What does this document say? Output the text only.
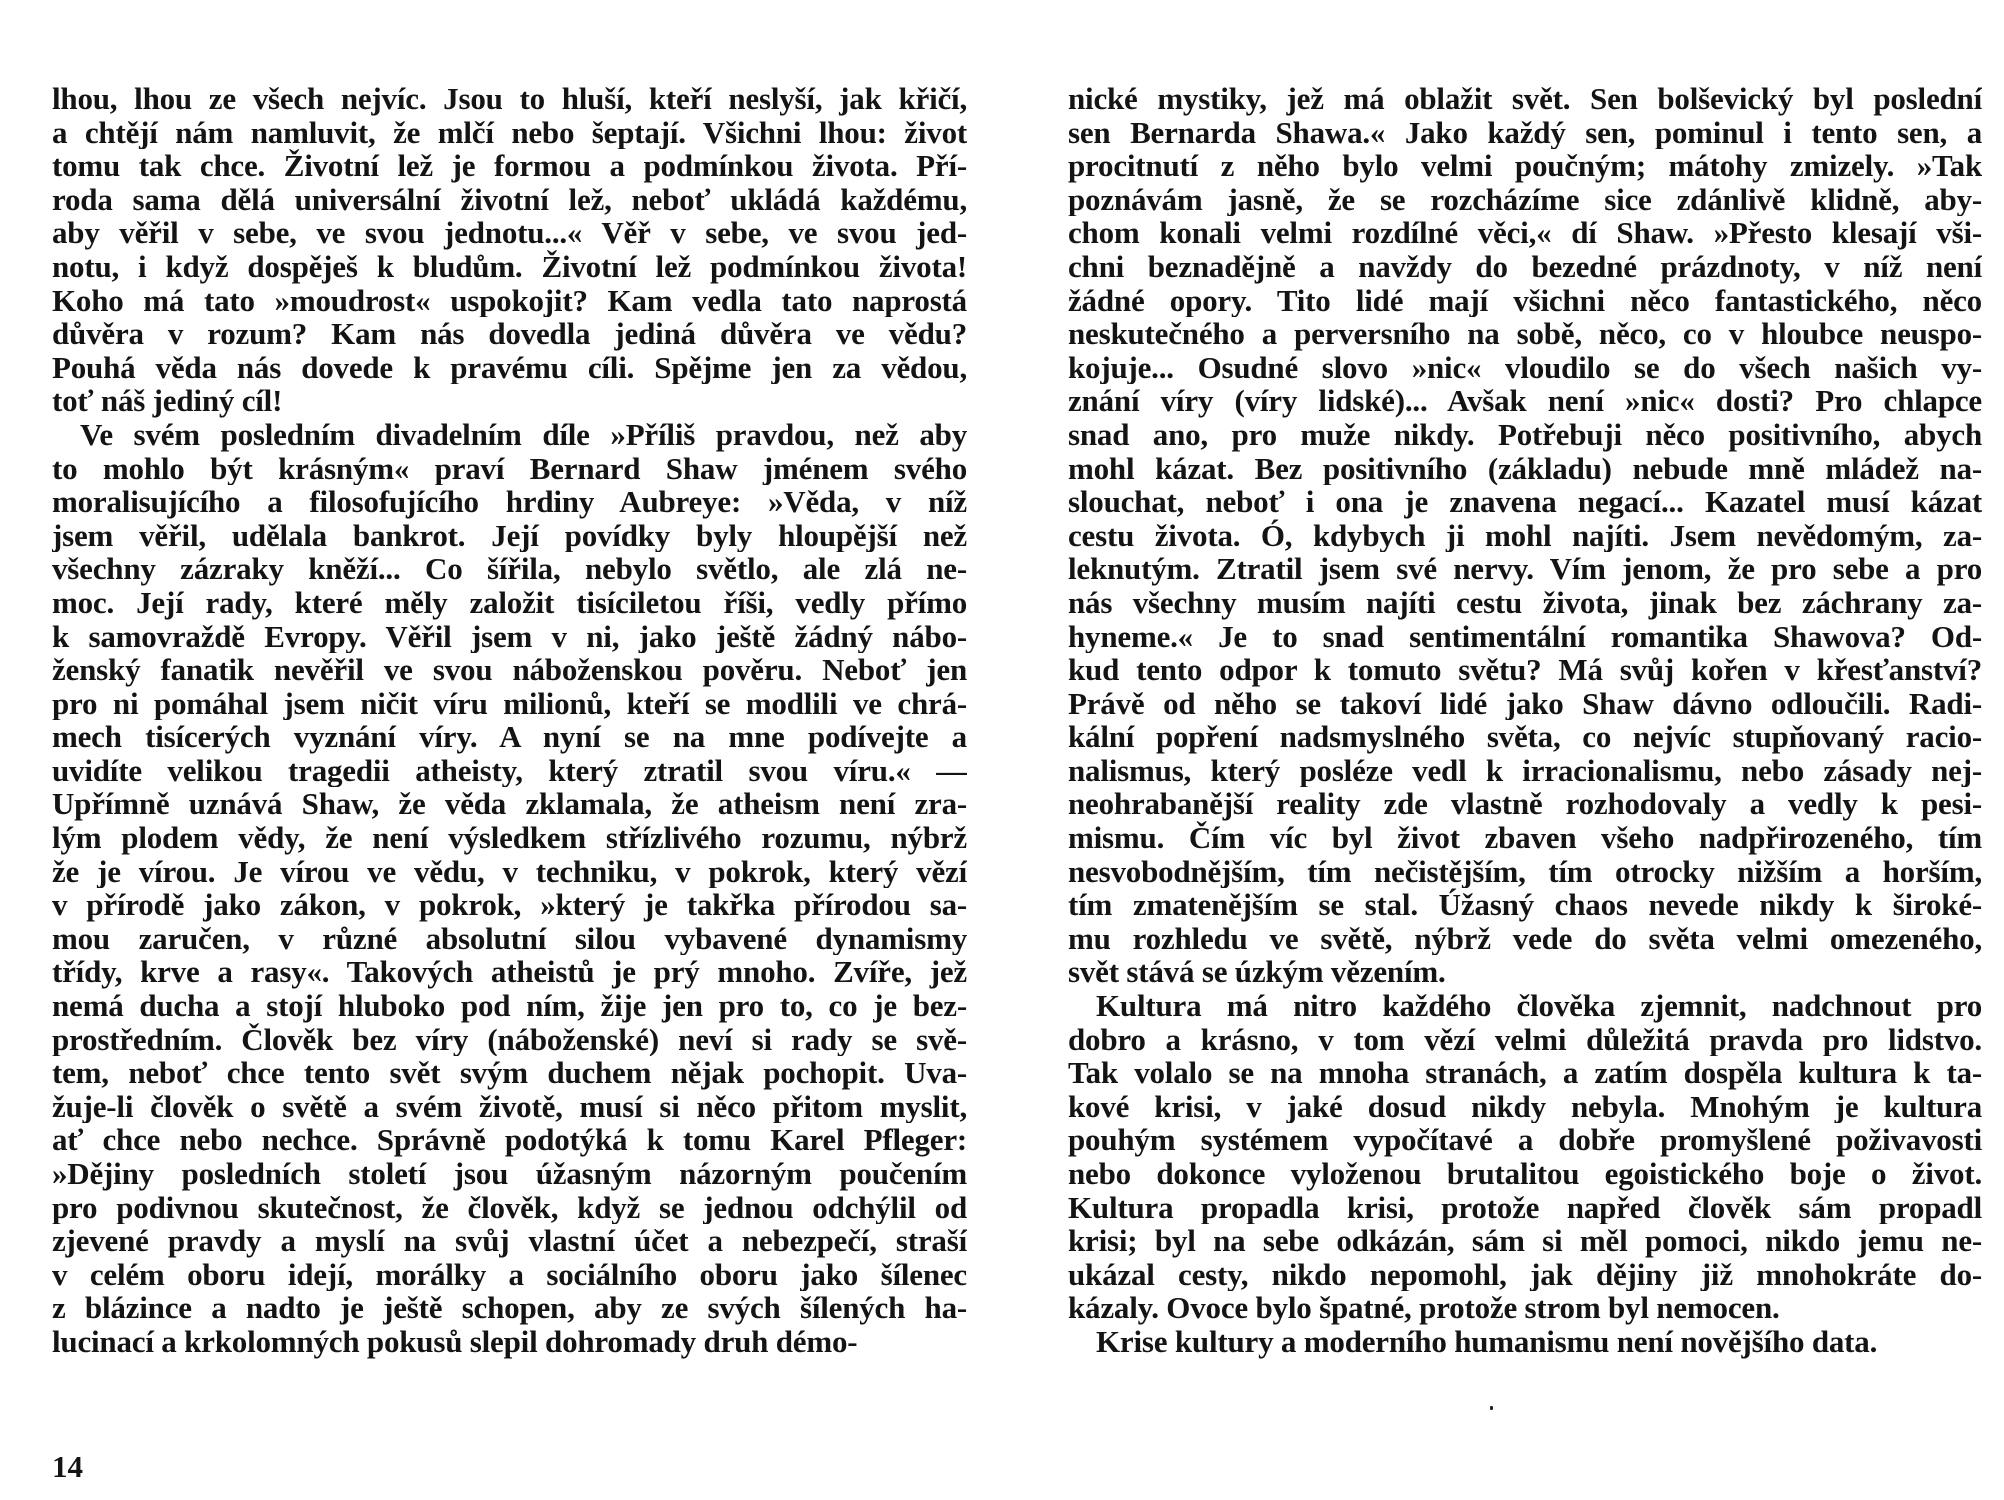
lhou, lhou ze všech nejvíc. Jsou to hluší, kteří neslyší, jak křičí,
a chtějí nám namluvit, že mlčí nebo šeptají. Všichni lhou: život
tomu tak chce. Životní lež je formou a podmínkou života. Pří-
roda sama dělá universální životní lež, neboť ukládá každému,
aby věřil v sebe, ve svou jednotu...« Věř v sebe, ve svou jed-
notu, i když dospěješ k bludům. Životní lež podmínkou života!
Koho má tato »moudrost« uspokojit? Kam vedla tato naprostá
důvěra v rozum? Kam nás dovedla jediná důvěra ve vědu?
Pouhá věda nás dovede k pravému cíli. Spějme jen za vědou,
toť náš jediný cíl!
Ve svém posledním divadelním díle »Příliš pravdou, než aby
to mohlo být krásným« praví Bernard Shaw jménem svého
moralisujícího a filosofujícího hrdiny Aubreye: »Věda, v níž
jsem věřil, udělala bankrot. Její povídky byly hloupější než
všechny zázraky kněží... Co šířila, nebylo světlo, ale zlá ne-
moc. Její rady, které měly založit tisíciletou říši, vedly přímo
k samovraždě Evropy. Věřil jsem v ni, jako ještě žádný nábo-
ženský fanatik nevěřil ve svou náboženskou pověru. Neboť jen
pro ni pomáhal jsem ničit víru milionů, kteří se modlili ve chrá-
mech tisícerých vyznání víry. A nyní se na mne podívejte a
uvidíte velikou tragedii atheisty, který ztratil svou víru.« —
Upřímně uznává Shaw, že věda zklamala, že atheism není zra-
lým plodem vědy, že není výsledkem střízlivého rozumu, nýbrž
že je vírou. Je vírou ve vědu, v techniku, v pokrok, který vězí
v přírodě jako zákon, v pokrok, »který je takřka přírodou sa-
mou zaručen, v různé absolutní silou vybavené dynamismy
třídy, krve a rasy«. Takových atheistů je prý mnoho. Zvíře, jež
nemá ducha a stojí hluboko pod ním, žije jen pro to, co je bez-
prostředním. Člověk bez víry (náboženské) neví si rady se svě-
tem, neboť chce tento svět svým duchem nějak pochopit. Uva-
žuje-li člověk o světě a svém životě, musí si něco přitom myslit,
ať chce nebo nechce. Správně podotýká k tomu Karel Pfleger:
»Dějiny posledních století jsou úžasným názorným poučením
pro podivnou skutečnost, že člověk, když se jednou odchýlil od
zjevené pravdy a myslí na svůj vlastní účet a nebezpečí, straší
v celém oboru idejí, morálky a sociálního oboru jako šílenec
z blázince a nadto je ještě schopen, aby ze svých šílených ha-
lucinací a krkolomných pokusů slepil dohromady druh démo-
14
nické mystiky, jež má oblažit svět. Sen bolševický byl poslední
sen Bernarda Shawa.« Jako každý sen, pominul i tento sen, a
procitnutí z něho bylo velmi poučným; mátohy zmizely. »Tak
poznávám jasně, že se rozcházíme sice zdánlivě klidně, aby-
chom konali velmi rozdílné věci,« dí Shaw. »Přesto klesají vši-
chni beznadějně a navždy do bezedné prázdnoty, v níž není
žádné opory. Tito lidé mají všichni něco fantastického, něco
neskutečného a perversního na sobě, něco, co v hloubce neuspo-
kojuje... Osudné slovo »nic« vloudilo se do všech našich vy-
znání víry (víry lidské)... Avšak není »nic« dosti? Pro chlapce
snad ano, pro muže nikdy. Potřebuji něco positivního, abych
mohl kázat. Bez positivního (základu) nebude mně mládež na-
slouchat, neboť i ona je znavena negací... Kazatel musí kázat
cestu života. Ó, kdybych ji mohl najíti. Jsem nevědomým, za-
leknutým. Ztratil jsem své nervy. Vím jenom, že pro sebe a pro
nás všechny musím najíti cestu života, jinak bez záchrany za-
hyneme.« Je to snad sentimentální romantika Shawova? Od-
kud tento odpor k tomuto světu? Má svůj kořen v křesťanství?
Právě od něho se takoví lidé jako Shaw dávno odloučili. Radi-
kální popření nadsmyslného světa, co nejvíc stupňovaný racio-
nalismus, který posléze vedl k irracionalismu, nebo zásady nej-
neohrabanější reality zde vlastně rozhodovaly a vedly k pesi-
mismu. Čím víc byl život zbaven všeho nadpřirozeného, tím
nesvobodnějším, tím nečistějším, tím otrocky nižším a horším,
tím zmatenějším se stal. Úžasný chaos nevede nikdy k široké-
mu rozhledu ve světě, nýbrž vede do světa velmi omezeného,
svět stává se úzkým vězením.
Kultura má nitro každého člověka zjemnit, nadchnout pro
dobro a krásno, v tom vězí velmi důležitá pravda pro lidstvo.
Tak volalo se na mnoha stranách, a zatím dospěla kultura k ta-
kové krisi, v jaké dosud nikdy nebyla. Mnohým je kultura
pouhým systémem vypočítavé a dobře promyšlené poživavosti
nebo dokonce vyloženou brutalitou egoistického boje o život.
Kultura propadla krisi, protože napřed člověk sám propadl
krisi; byl na sebe odkázán, sám si měl pomoci, nikdo jemu ne-
ukázal cesty, nikdo nepomohl, jak dějiny již mnohokráte do-
kázaly. Ovoce bylo špatné, protože strom byl nemocen.
Krise kultury a moderního humanismu není novějšího data.
